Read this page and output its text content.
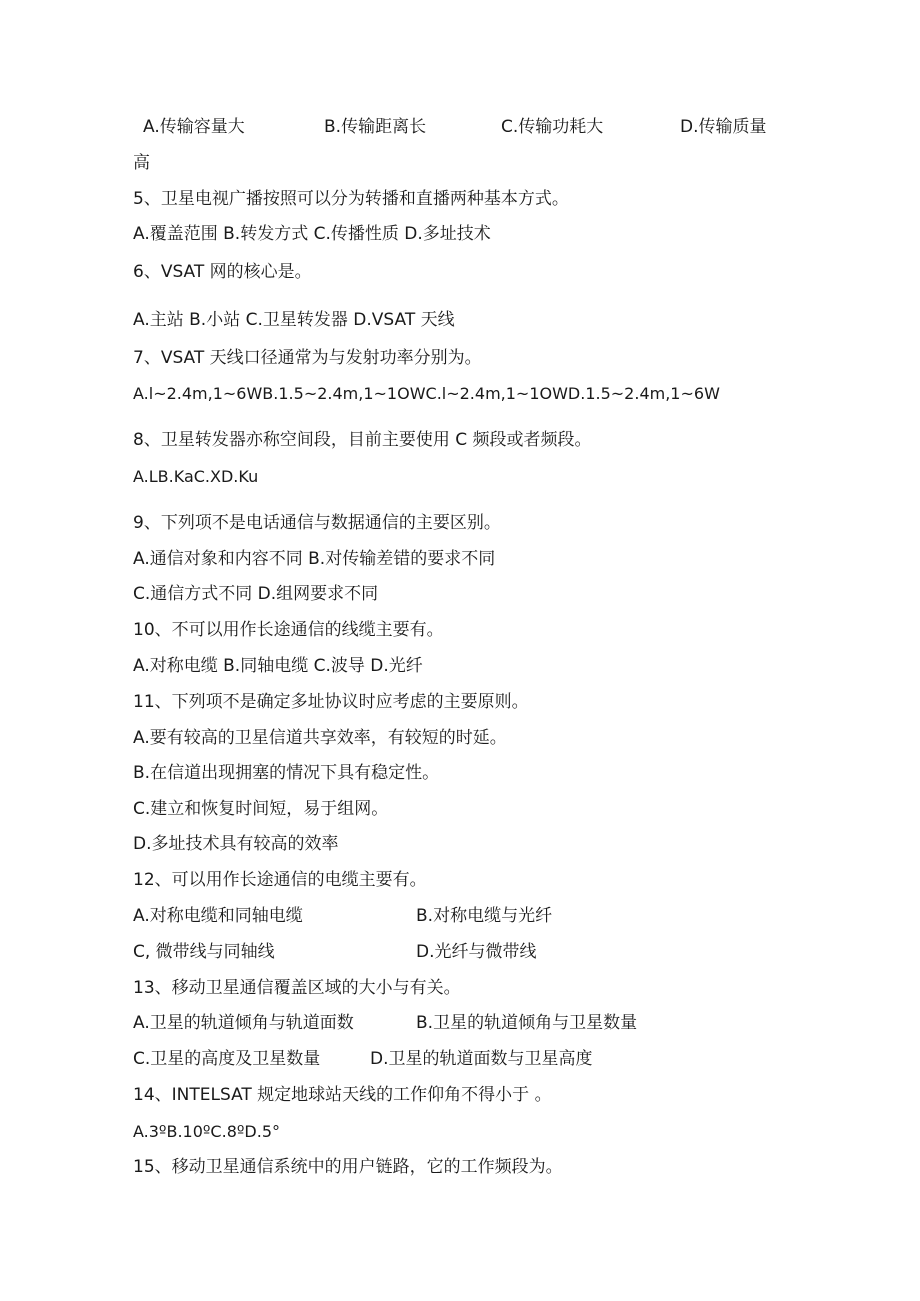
A.传输容量大	B.传输距离长	C.传输功耗大	D.传输质量
高
5、卫星电视广播按照可以分为转播和直播两种基本方式。
A.覆盖范围 B.转发方式 C.传播性质 D.多址技术
6、VSAT 网的核心是。
A.主站 B.小站 C.卫星转发器 D.VSAT 天线
7、VSAT 天线口径通常为与发射功率分别为。
A.l~2.4m,1~6WB.1.5~2.4m,1~1OWC.l~2.4m,1~1OWD.1.5~2.4m,1~6W
8、卫星转发器亦称空间段，目前主要使用 C 频段或者频段。
A.LB.KaC.XD.Ku
9、下列项不是电话通信与数据通信的主要区别。
A.通信对象和内容不同 B.对传输差错的要求不同
C.通信方式不同 D.组网要求不同
10、不可以用作长途通信的线缆主要有。
A.对称电缆 B.同轴电缆 C.波导 D.光纤
11、下列项不是确定多址协议时应考虑的主要原则。
A.要有较高的卫星信道共享效率，有较短的时延。
B.在信道出现拥塞的情况下具有稳定性。
C.建立和恢复时间短，易于组网。
D.多址技术具有较高的效率
12、可以用作长途通信的电缆主要有。
A.对称电缆和同轴电缆	B.对称电缆与光纤
C, 微带线与同轴线	D.光纤与微带线
13、移动卫星通信覆盖区域的大小与有关。
A.卫星的轨道倾角与轨道面数	B.卫星的轨道倾角与卫星数量
C.卫星的高度及卫星数量	D.卫星的轨道面数与卫星高度
14、INTELSAT 规定地球站天线的工作仰角不得小于 。
A.3ºB.10ºC.8ºD.5°
15、移动卫星通信系统中的用户链路，它的工作频段为。
